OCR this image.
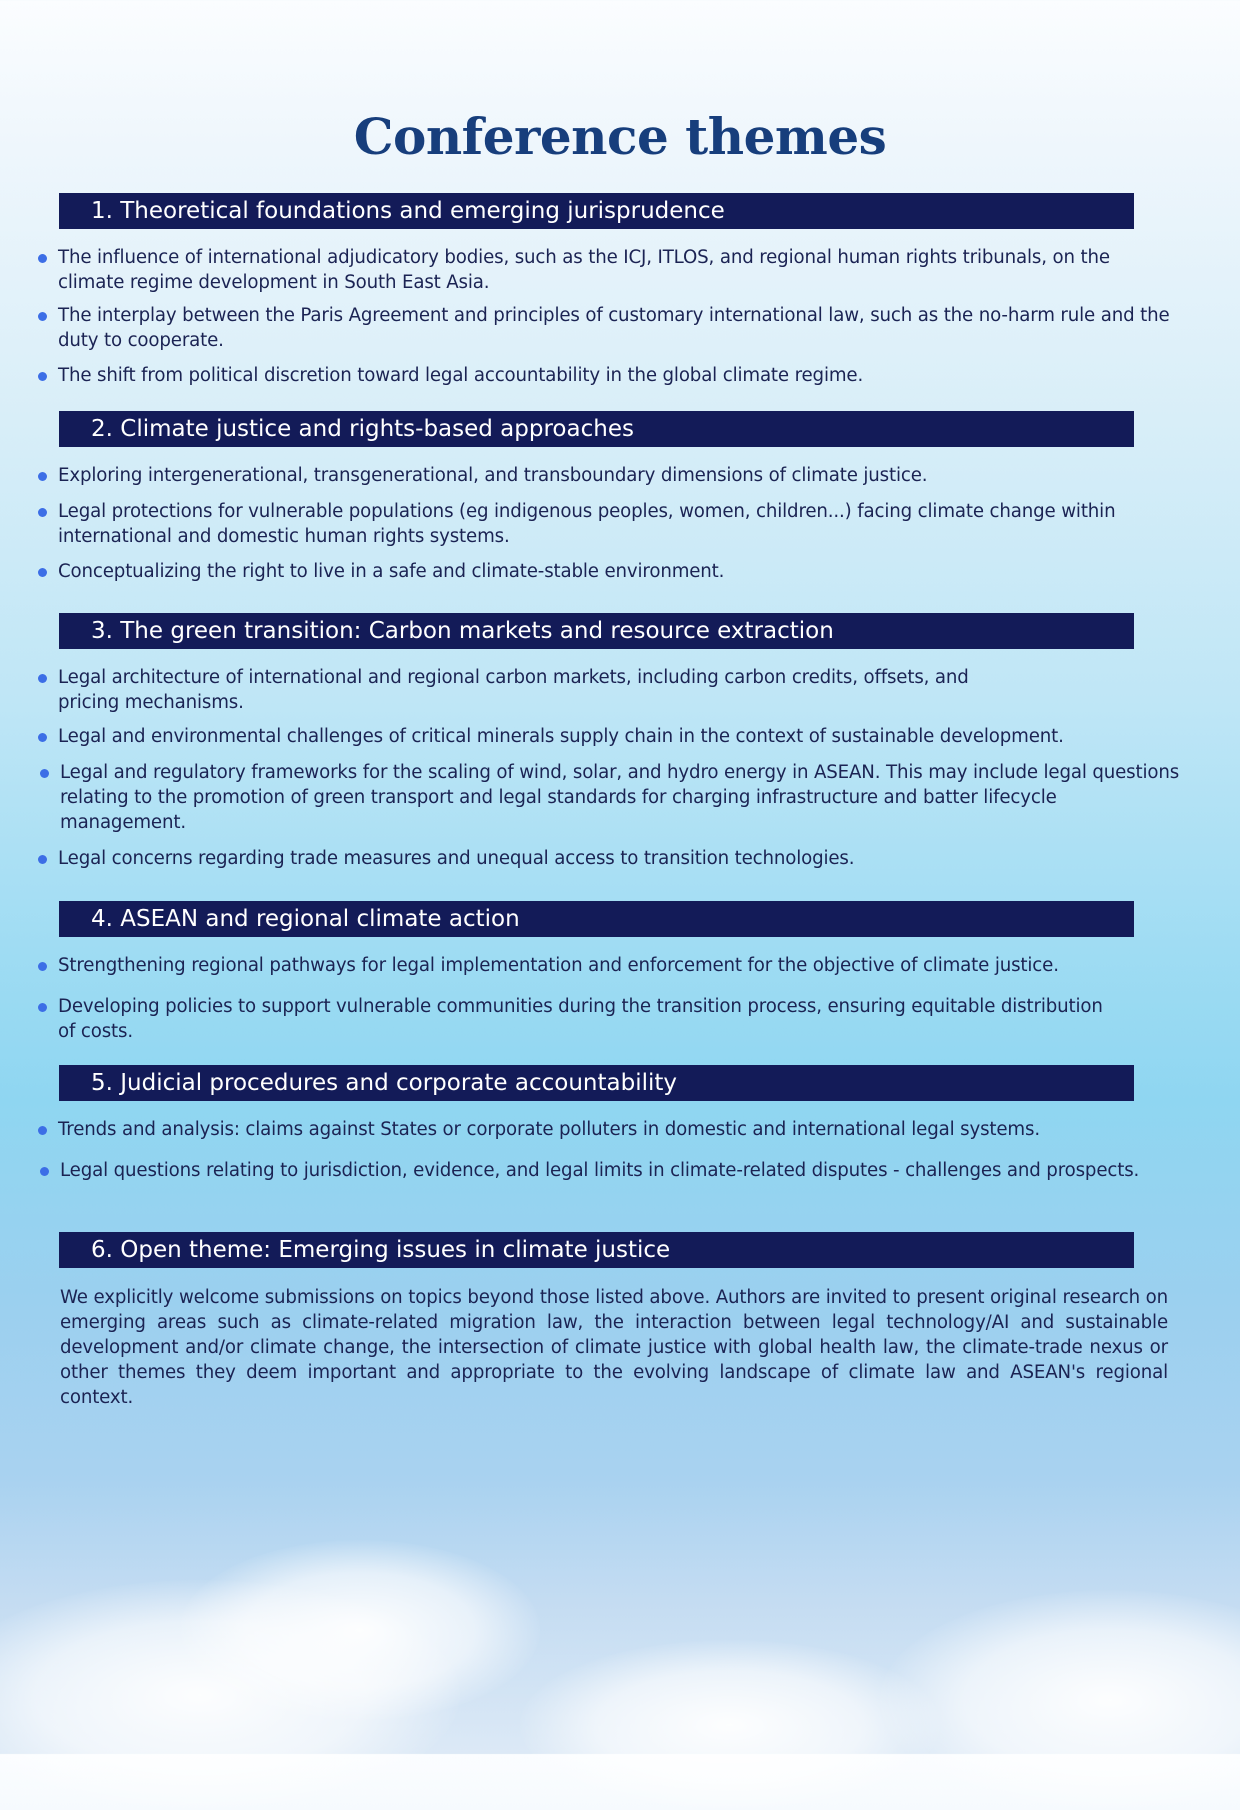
Conference themes
1. Theoretical foundations and emerging jurisprudence
The influence of international adjudicatory bodies, such as the ICJ, ITLOS, and regional human rights tribunals, on the climate regime development in South East Asia.
The interplay between the Paris Agreement and principles of customary international law, such as the no-harm rule and the duty to cooperate.
The shift from political discretion toward legal accountability in the global climate regime.
2. Climate justice and rights-based approaches
Exploring intergenerational, transgenerational, and transboundary dimensions of climate justice.
Legal protections for vulnerable populations (eg indigenous peoples, women, children...) facing climate change within international and domestic human rights systems.
Conceptualizing the right to live in a safe and climate-stable environment.
3. The green transition: Carbon markets and resource extraction
Legal architecture of international and regional carbon markets, including carbon credits, offsets, and pricing mechanisms.
Legal and environmental challenges of critical minerals supply chain in the context of sustainable development.
Legal and regulatory frameworks for the scaling of wind, solar, and hydro energy in ASEAN. This may include legal questions relating to the promotion of green transport and legal standards for charging infrastructure and batter lifecycle management.
Legal concerns regarding trade measures and unequal access to transition technologies.
4. ASEAN and regional climate action
Strengthening regional pathways for legal implementation and enforcement for the objective of climate justice.
Developing policies to support vulnerable communities during the transition process, ensuring equitable distribution of costs.
5. Judicial procedures and corporate accountability
Trends and analysis: claims against States or corporate polluters in domestic and international legal systems.
Legal questions relating to jurisdiction, evidence, and legal limits in climate-related disputes - challenges and prospects.
6. Open theme: Emerging issues in climate justice

We explicitly welcome submissions on topics beyond those listed above. Authors are invited to present original research on emerging areas such as climate-related migration law, the interaction between legal technology/AI and sustainable development and/or climate change, the intersection of climate justice with global health law, the climate-trade nexus or other themes they deem important and appropriate to the evolving landscape of climate law and ASEAN's regional context.
